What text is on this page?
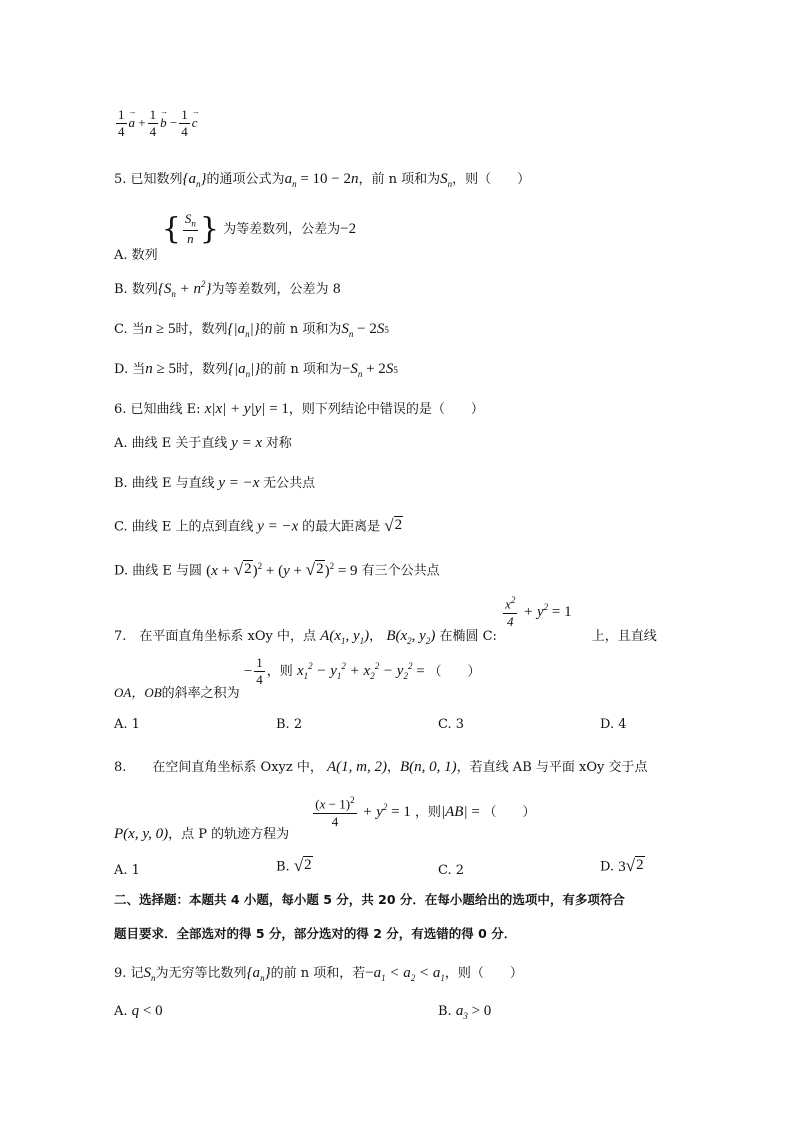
$\frac{1}{4}$
→ $a + \frac{1}{4}$
→ $b - \frac{1}{4}$
→ c
5. 已知数列$\{a_n\}$的通项公式为$a_n = 10 - 2n$，前 n 项和为$S_n$，则（　　）
A. 数列 { $\frac{S_n}{n}$ } 为等差数列，公差为−2
B. 数列$\{S_n + n^2\}$为等差数列，公差为 8
C. 当n ≥ 5时，数列$\{|a_n|\}$的前 n 项和为$S_n - 2S5$
D. 当n ≥ 5时，数列$\{|a_n|\}$的前 n 项和为$-S_n + 2S5$
6. 已知曲线 E: x|x| + y|y| = 1，则下列结论中错误的是（　　）
A. 曲线 E 关于直线 y = x 对称
B. 曲线 E 与直线 y = −x 无公共点
C. 曲线 E 上的点到直线 y = −x 的最大距离是 √ 2
D. 曲线 E 与圆 (x + √ 2 )$^2$ + (y + √ 2 )$^2$ = 9 有三个公共点
7.　在平面直角坐标系 xOy 中，点 $A(x_1$, $y_1$)， $B(x_2$, $y_2$) 在椭圆 C:
$\frac{x^2}{4} + y^2 = 1$ 上，且直线
OA，OB的斜率之积为 − $\frac{1}{4}$ ，则 $x_1^2 - y_1^2 + x_2^2 - y_2^2$ = （　　）
A. 1	B. 2	C. 3	D. 4
8.　　在空间直角坐标系 Oxyz 中， A(1, m, 2)，B(n, 0, 1)，若直线 AB 与平面 xOy 交于点
P(x, y, 0)，点 P 的轨迹方程为
$\frac{(x - 1)^2}{4} + y^2 = 1$ ，则|AB| = （　　）
A. 1	B. √ 2	C. 2	D. 3 √ 2
二、选择题：本题共 4 小题，每小题 5 分，共 20 分．在每小题给出的选项中，有多项符合
题目要求．全部选对的得 5 分，部分选对的得 2 分，有选错的得 0 分．
9. 记$S_n$为无穷等比数列$\{a_n\}$的前 n 项和，若$-a_1 < a_2 < a_1$，则（　　）
A. q < 0	B. $a_3 > 0$
